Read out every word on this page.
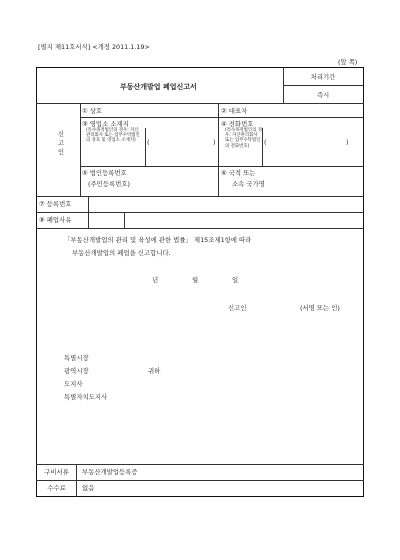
[별지 제11호서식] <개정 2011.1.19>
(앞 쪽)
부동산개발업 폐업신고서
처리기간
즉시
신
고
인
① 상호	② 대표자
③ 영업소 소재지
(특수목적법인의 경우: 자산관리회사 또는 업무수탁법인의 상호 및 영업소 소재지)	(	)
④ 전화번호
(특수목적법인의 경우: 자산관리회사 또는 업무수탁법인의 전화번호)
(	)
⑤ 법인등록번호
(주민등록번호)
⑥ 국적 또는
소속 국가명
⑦ 등록번호
⑧ 폐업사유
「부동산개발업의 관리 및 육성에 관한 법률」 제15조제1항에 따라
부동산개발업의 폐업을 신고합니다.
년	월	일
신고인	(서명 또는 인)
특별시장
광역시장	귀하
도지사
특별자치도지사
구비서류	부동산개발업등록증
수수료	없음
